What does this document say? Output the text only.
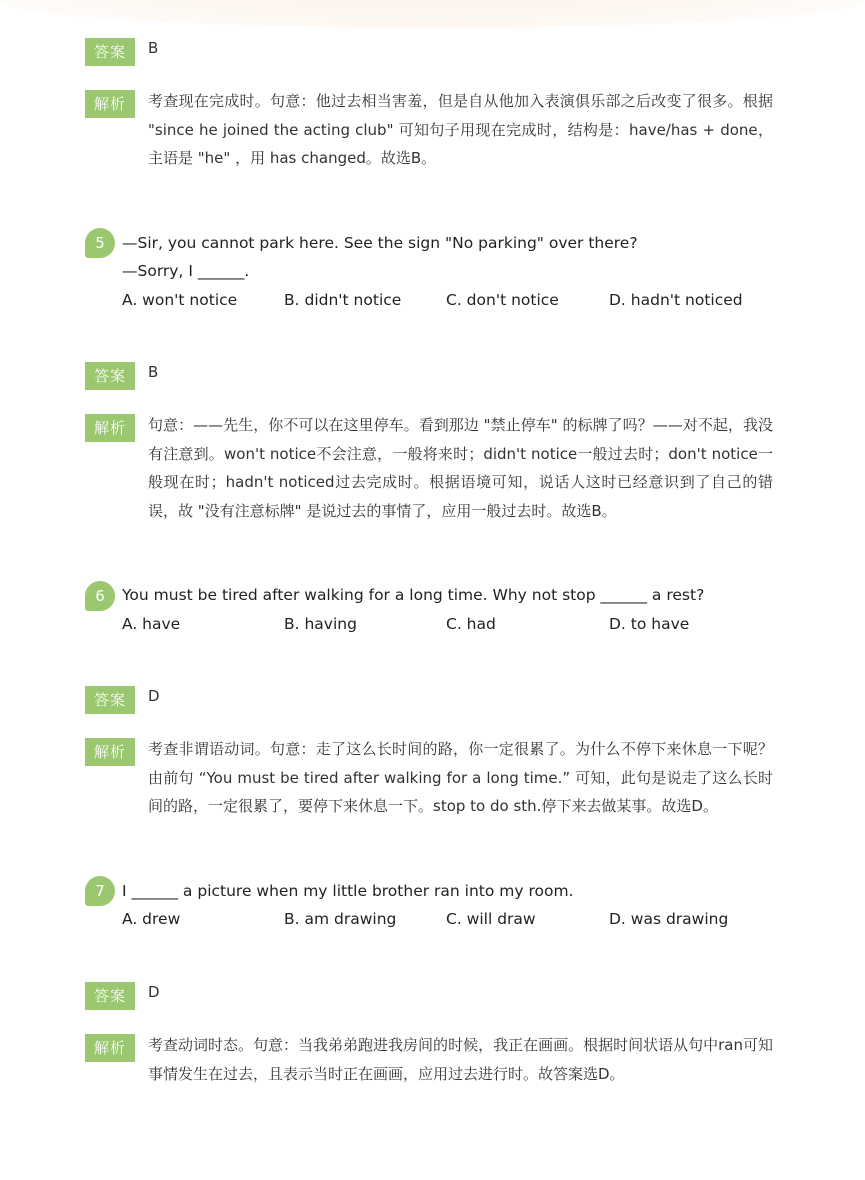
答案	B
解析	考查现在完成时。句意：他过去相当害羞，但是自从他加入表演俱乐部之后改变了很多。根据 "since he joined the acting club" 可知句子用现在完成时，结构是：have/has + done，主语是 "he" ，用 has changed。故选B。
5	—Sir, you cannot park here. See the sign "No parking" over there?
—Sorry, I ______.
A. won't notice	B. didn't notice	C. don't notice	D. hadn't noticed
答案	B
解析	句意：——先生，你不可以在这里停车。看到那边 "禁止停车" 的标牌了吗？——对不起，我没有注意到。won't notice不会注意，一般将来时；didn't notice一般过去时；don't notice一般现在时；hadn't noticed过去完成时。根据语境可知，说话人这时已经意识到了自己的错误，故 "没有注意标牌" 是说过去的事情了，应用一般过去时。故选B。
6	You must be tired after walking for a long time. Why not stop ______ a rest?
A. have	B. having	C. had	D. to have
答案	D
解析	考查非谓语动词。句意：走了这么长时间的路，你一定很累了。为什么不停下来休息一下呢？由前句 “You must be tired after walking for a long time.” 可知，此句是说走了这么长时间的路，一定很累了，要停下来休息一下。stop to do sth.停下来去做某事。故选D。
7	I ______ a picture when my little brother ran into my room.
A. drew	B. am drawing	C. will draw	D. was drawing
答案	D
解析	考查动词时态。句意：当我弟弟跑进我房间的时候，我正在画画。根据时间状语从句中ran可知事情发生在过去，且表示当时正在画画，应用过去进行时。故答案选D。
